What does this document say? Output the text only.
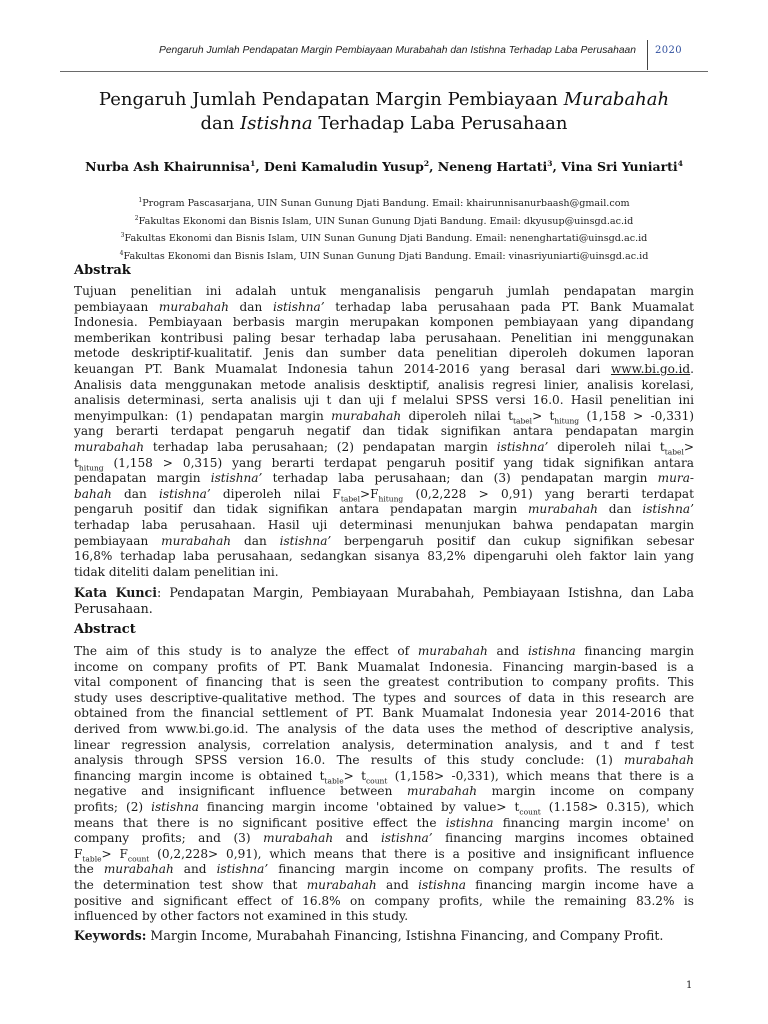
Pengaruh Jumlah Pendapatan Margin Pembiayaan Murabahah dan Istishna Terhadap Laba Perusahaan 2020
Pengaruh Jumlah Pendapatan Margin Pembiayaan Murabahah
dan Istishna Terhadap Laba Perusahaan
Nurba Ash Khairunnisa$^1$, Deni Kamaludin Yusup$^2$, Neneng Hartati$^3$, Vina Sri Yuniarti$^4$
$^1$Program Pascasarjana, UIN Sunan Gunung Djati Bandung. Email: khairunnisanurbaash@gmail.com
$^2$Fakultas Ekonomi dan Bisnis Islam, UIN Sunan Gunung Djati Bandung. Email: dkyusup@uinsgd.ac.id
$^3$Fakultas Ekonomi dan Bisnis Islam, UIN Sunan Gunung Djati Bandung. Email: nenenghartati@uinsgd.ac.id
$^4$Fakultas Ekonomi dan Bisnis Islam, UIN Sunan Gunung Djati Bandung. Email: vinasriyuniarti@uinsgd.ac.id
Abstrak
Tujuan penelitian ini adalah untuk menganalisis pengaruh jumlah pendapatan margin
pembiayaan murabahah dan istishna’ terhadap laba perusahaan pada PT. Bank Muamalat
Indonesia. Pembiayaan berbasis margin merupakan komponen pembiayaan yang dipandang
memberikan kontribusi paling besar terhadap laba perusahaan. Penelitian ini menggunakan
metode deskriptif-kualitatif. Jenis dan sumber data penelitian diperoleh dokumen laporan
keuangan PT. Bank Muamalat Indonesia tahun 2014-2016 yang berasal dari www.bi.go.id.
Analisis data menggunakan metode analisis desktiptif, analisis regresi linier, analisis korelasi,
analisis determinasi, serta analisis uji t dan uji f melalui SPSS versi 16.0. Hasil penelitian ini
menyimpulkan: (1) pendapatan margin murabahah diperoleh nilai $t_{tabel}> t_{hitung}$ (1,158 > -0,331)
yang berarti terdapat pengaruh negatif dan tidak signifikan antara pendapatan margin
murabahah terhadap laba perusahaan; (2) pendapatan margin istishna’ diperoleh nilai $t_{tabel}>$
$t_{hitung}$ (1,158 > 0,315) yang berarti terdapat pengaruh positif yang tidak signifikan antara
pendapatan margin istishna’ terhadap laba perusahaan; dan (3) pendapatan margin mura-
bahah dan istishna’ diperoleh nilai $F_{tabel}>F_{hitung}$ (0,2,228 > 0,91) yang berarti terdapat
pengaruh positif dan tidak signifikan antara pendapatan margin murabahah dan istishna’
terhadap laba perusahaan. Hasil uji determinasi menunjukan bahwa pendapatan margin
pembiayaan murabahah dan istishna’ berpengaruh positif dan cukup signifikan sebesar
16,8% terhadap laba perusahaan, sedangkan sisanya 83,2% dipengaruhi oleh faktor lain yang
tidak diteliti dalam penelitian ini.
Kata Kunci: Pendapatan Margin, Pembiayaan Murabahah, Pembiayaan Istishna, dan Laba
Perusahaan.
Abstract
The aim of this study is to analyze the effect of murabahah and istishna financing margin
income on company profits of PT. Bank Muamalat Indonesia. Financing margin-based is a
vital component of financing that is seen the greatest contribution to company profits. This
study uses descriptive-qualitative method. The types and sources of data in this research are
obtained from the financial settlement of PT. Bank Muamalat Indonesia year 2014-2016 that
derived from www.bi.go.id. The analysis of the data uses the method of descriptive analysis,
linear regression analysis, correlation analysis, determination analysis, and t and f test
analysis through SPSS version 16.0. The results of this study conclude: (1) murabahah
financing margin income is obtained $t_{table}> t_{count}$ (1,158> -0,331), which means that there is a
negative and insignificant influence between murabahah margin income on company
profits; (2) istishna financing margin income 'obtained by value> $t_{count}$ (1.158> 0.315), which
means that there is no significant positive effect the istishna financing margin income' on
company profits; and (3) murabahah and istishna’ financing margins incomes obtained
$F_{table}> F_{count}$ (0,2,228> 0,91), which means that there is a positive and insignificant influence
the murabahah and istishna’ financing margin income on company profits. The results of
the determination test show that murabahah and istishna financing margin income have a
positive and significant effect of 16.8% on company profits, while the remaining 83.2% is
influenced by other factors not examined in this study.
Keywords: Margin Income, Murabahah Financing, Istishna Financing, and Company Profit.
1
